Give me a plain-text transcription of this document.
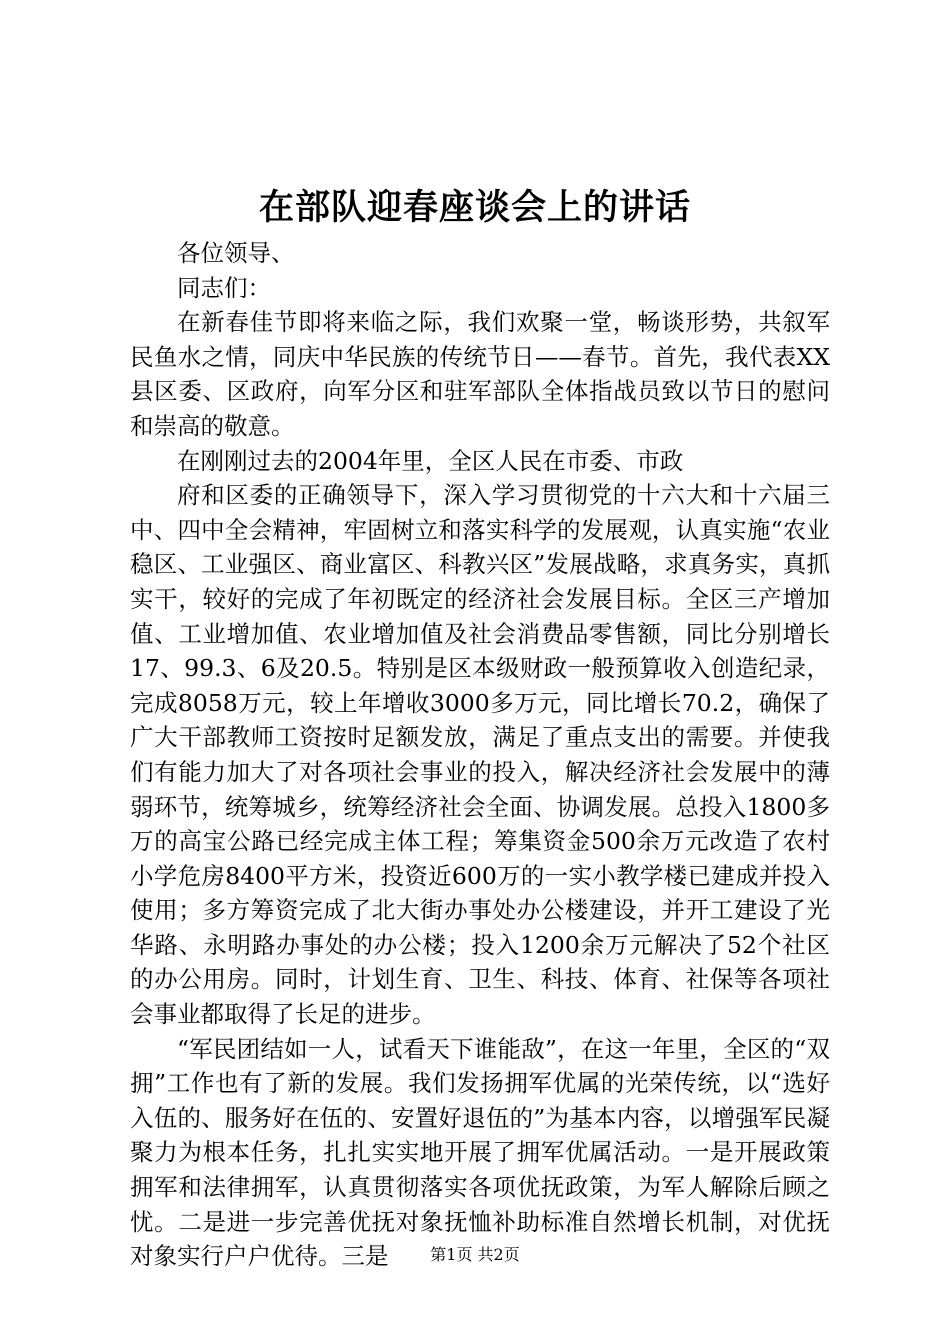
在部队迎春座谈会上的讲话

各位领导、

同志们：

在新春佳节即将来临之际，我们欢聚一堂，畅谈形势，共叙军民鱼水之情，同庆中华民族的传统节日——春节。首先，我代表XX县区委、区政府，向军分区和驻军部队全体指战员致以节日的慰问和崇高的敬意。

在刚刚过去的2004年里，全区人民在市委、市政

府和区委的正确领导下，深入学习贯彻党的十六大和十六届三中、四中全会精神，牢固树立和落实科学的发展观，认真实施“农业稳区、工业强区、商业富区、科教兴区”发展战略，求真务实，真抓实干，较好的完成了年初既定的经济社会发展目标。全区三产增加值、工业增加值、农业增加值及社会消费品零售额，同比分别增长17、99.3、6及20.5。特别是区本级财政一般预算收入创造纪录，完成8058万元，较上年增收3000多万元，同比增长70.2，确保了广大干部教师工资按时足额发放，满足了重点支出的需要。并使我们有能力加大了对各项社会事业的投入，解决经济社会发展中的薄弱环节，统筹城乡，统筹经济社会全面、协调发展。总投入1800多万的高宝公路已经完成主体工程；筹集资金500余万元改造了农村小学危房8400平方米，投资近600万的一实小教学楼已建成并投入使用；多方筹资完成了北大街办事处办公楼建设，并开工建设了光华路、永明路办事处的办公楼；投入1200余万元解决了52个社区的办公用房。同时，计划生育、卫生、科技、体育、社保等各项社会事业都取得了长足的进步。

“军民团结如一人，试看天下谁能敌”，在这一年里，全区的“双拥”工作也有了新的发展。我们发扬拥军优属的光荣传统，以“选好入伍的、服务好在伍的、安置好退伍的”为基本内容，以增强军民凝聚力为根本任务，扎扎实实地开展了拥军优属活动。一是开展政策拥军和法律拥军，认真贯彻落实各项优抚政策，为军人解除后顾之忧。二是进一步完善优抚对象抚恤补助标准自然增长机制，对优抚对象实行户户优待。三是	第1页 共2页
